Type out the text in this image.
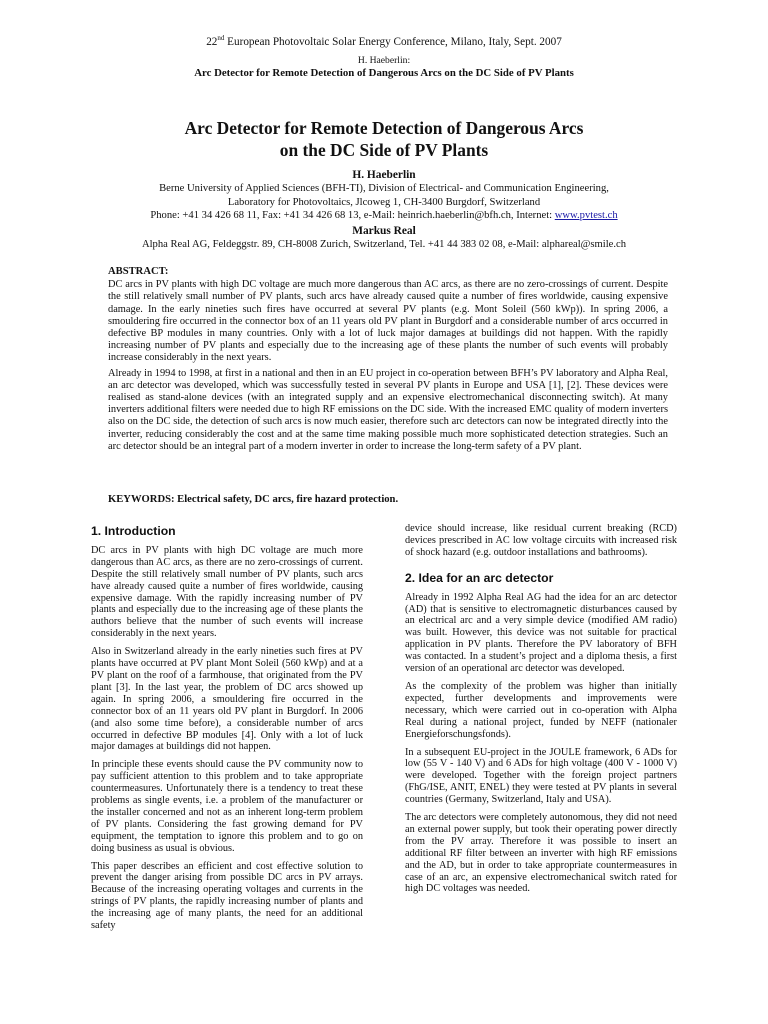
22nd European Photovoltaic Solar Energy Conference, Milano, Italy, Sept. 2007
H. Haeberlin:
Arc Detector for Remote Detection of Dangerous Arcs on the DC Side of PV Plants
Arc Detector for Remote Detection of Dangerous Arcs
on the DC Side of PV Plants
H. Haeberlin
Berne University of Applied Sciences (BFH-TI), Division of Electrical- and Communication Engineering,
Laboratory for Photovoltaics, Jlcoweg 1, CH-3400 Burgdorf, Switzerland
Phone: +41 34 426 68 11, Fax: +41 34 426 68 13, e-Mail: heinrich.haeberlin@bfh.ch, Internet: www.pvtest.ch
Markus Real
Alpha Real AG, Feldeggstr. 89, CH-8008 Zurich, Switzerland, Tel. +41 44 383 02 08, e-Mail: alphareal@smile.ch
ABSTRACT:

DC arcs in PV plants with high DC voltage are much more dangerous than AC arcs, as there are no zero-crossings of current. Despite the still relatively small number of PV plants, such arcs have already caused quite a number of fires worldwide, causing expensive damage. In the early nineties such fires have occurred at several PV plants (e.g. Mont Soleil (560 kWp)). In spring 2006, a smouldering fire occurred in the connector box of an 11 years old PV plant in Burgdorf and a considerable number of arcs occurred in defective BP modules in many countries. Only with a lot of luck major damages at buildings did not happen. With the rapidly increasing number of PV plants and especially due to the increasing age of these plants the number of such events will probably increase considerably in the next years.

Already in 1994 to 1998, at first in a national and then in an EU project in co-operation between BFH’s PV laboratory and Alpha Real, an arc detector was developed, which was successfully tested in several PV plants in Europe and USA [1], [2]. These devices were realised as stand-alone devices (with an integrated supply and an expensive electromechanical disconnecting switch). At many inverters additional filters were needed due to high RF emissions on the DC side. With the increased EMC quality of modern inverters also on the DC side, the detection of such arcs is now much easier, therefore such arc detectors can now be integrated directly into the inverter, reducing considerably the cost and at the same time making possible much more sophisticated detection strategies. Such an arc detector should be an integral part of a modern inverter in order to increase the long-term safety of a PV plant.

KEYWORDS: Electrical safety, DC arcs, fire hazard protection.
1. Introduction

DC arcs in PV plants with high DC voltage are much more dangerous than AC arcs, as there are no zero-crossings of current. Despite the still relatively small number of PV plants, such arcs have already caused quite a number of fires worldwide, causing expensive damage. With the rapidly increasing number of PV plants and especially due to the increasing age of these plants the authors believe that the number of such events will increase considerably in the next years.

Also in Switzerland already in the early nineties such fires at PV plants have occurred at PV plant Mont Soleil (560 kWp) and at a PV plant on the roof of a farmhouse, that originated from the PV plant [3]. In the last year, the problem of DC arcs showed up again. In spring 2006, a smouldering fire occurred in the connector box of an 11 years old PV plant in Burgdorf. In 2006 (and also some time before), a considerable number of arcs occurred in defective BP modules [4]. Only with a lot of luck major damages at buildings did not happen.

In principle these events should cause the PV community now to pay sufficient attention to this problem and to take appropriate countermeasures. Unfortunately there is a tendency to treat these problems as single events, i.e. a problem of the manufacturer or the installer concerned and not as an inherent long-term problem of PV plants. Considering the fast growing demand for PV equipment, the temptation to ignore this problem and to go on doing business as usual is obvious.

This paper describes an efficient and cost effective solution to prevent the danger arising from possible DC arcs in PV arrays. Because of the increasing operating voltages and currents in the strings of PV plants, the rapidly increasing number of plants and the increasing age of many plants, the need for an additional safety

device should increase, like residual current breaking (RCD) devices prescribed in AC low voltage circuits with increased risk of shock hazard (e.g. outdoor installations and bathrooms).

2. Idea for an arc detector

Already in 1992 Alpha Real AG had the idea for an arc detector (AD) that is sensitive to electromagnetic disturbances caused by an electrical arc and a very simple device (modified AM radio) was built. However, this device was not suitable for practical application in PV plants. Therefore the PV laboratory of BFH was contacted. In a student’s project and a diploma thesis, a first version of an operational arc detector was developed.

As the complexity of the problem was higher than initially expected, further developments and improvements were necessary, which were carried out in co-operation with Alpha Real during a national project, funded by NEFF (nationaler Energieforschungsfonds).

In a subsequent EU-project in the JOULE framework, 6 ADs for low (55 V - 140 V) and 6 ADs for high voltage (400 V - 1000 V) were developed. Together with the foreign project partners (FhG/ISE, ANIT, ENEL) they were tested at PV plants in several countries (Germany, Switzerland, Italy and USA).

The arc detectors were completely autonomous, they did not need an external power supply, but took their operating power directly from the PV array. Therefore it was possible to insert an additional RF filter between an inverter with high RF emissions and the AD, but in order to take appropriate countermeasures in case of an arc, an expensive electromechanical switch rated for high DC voltages was needed.
